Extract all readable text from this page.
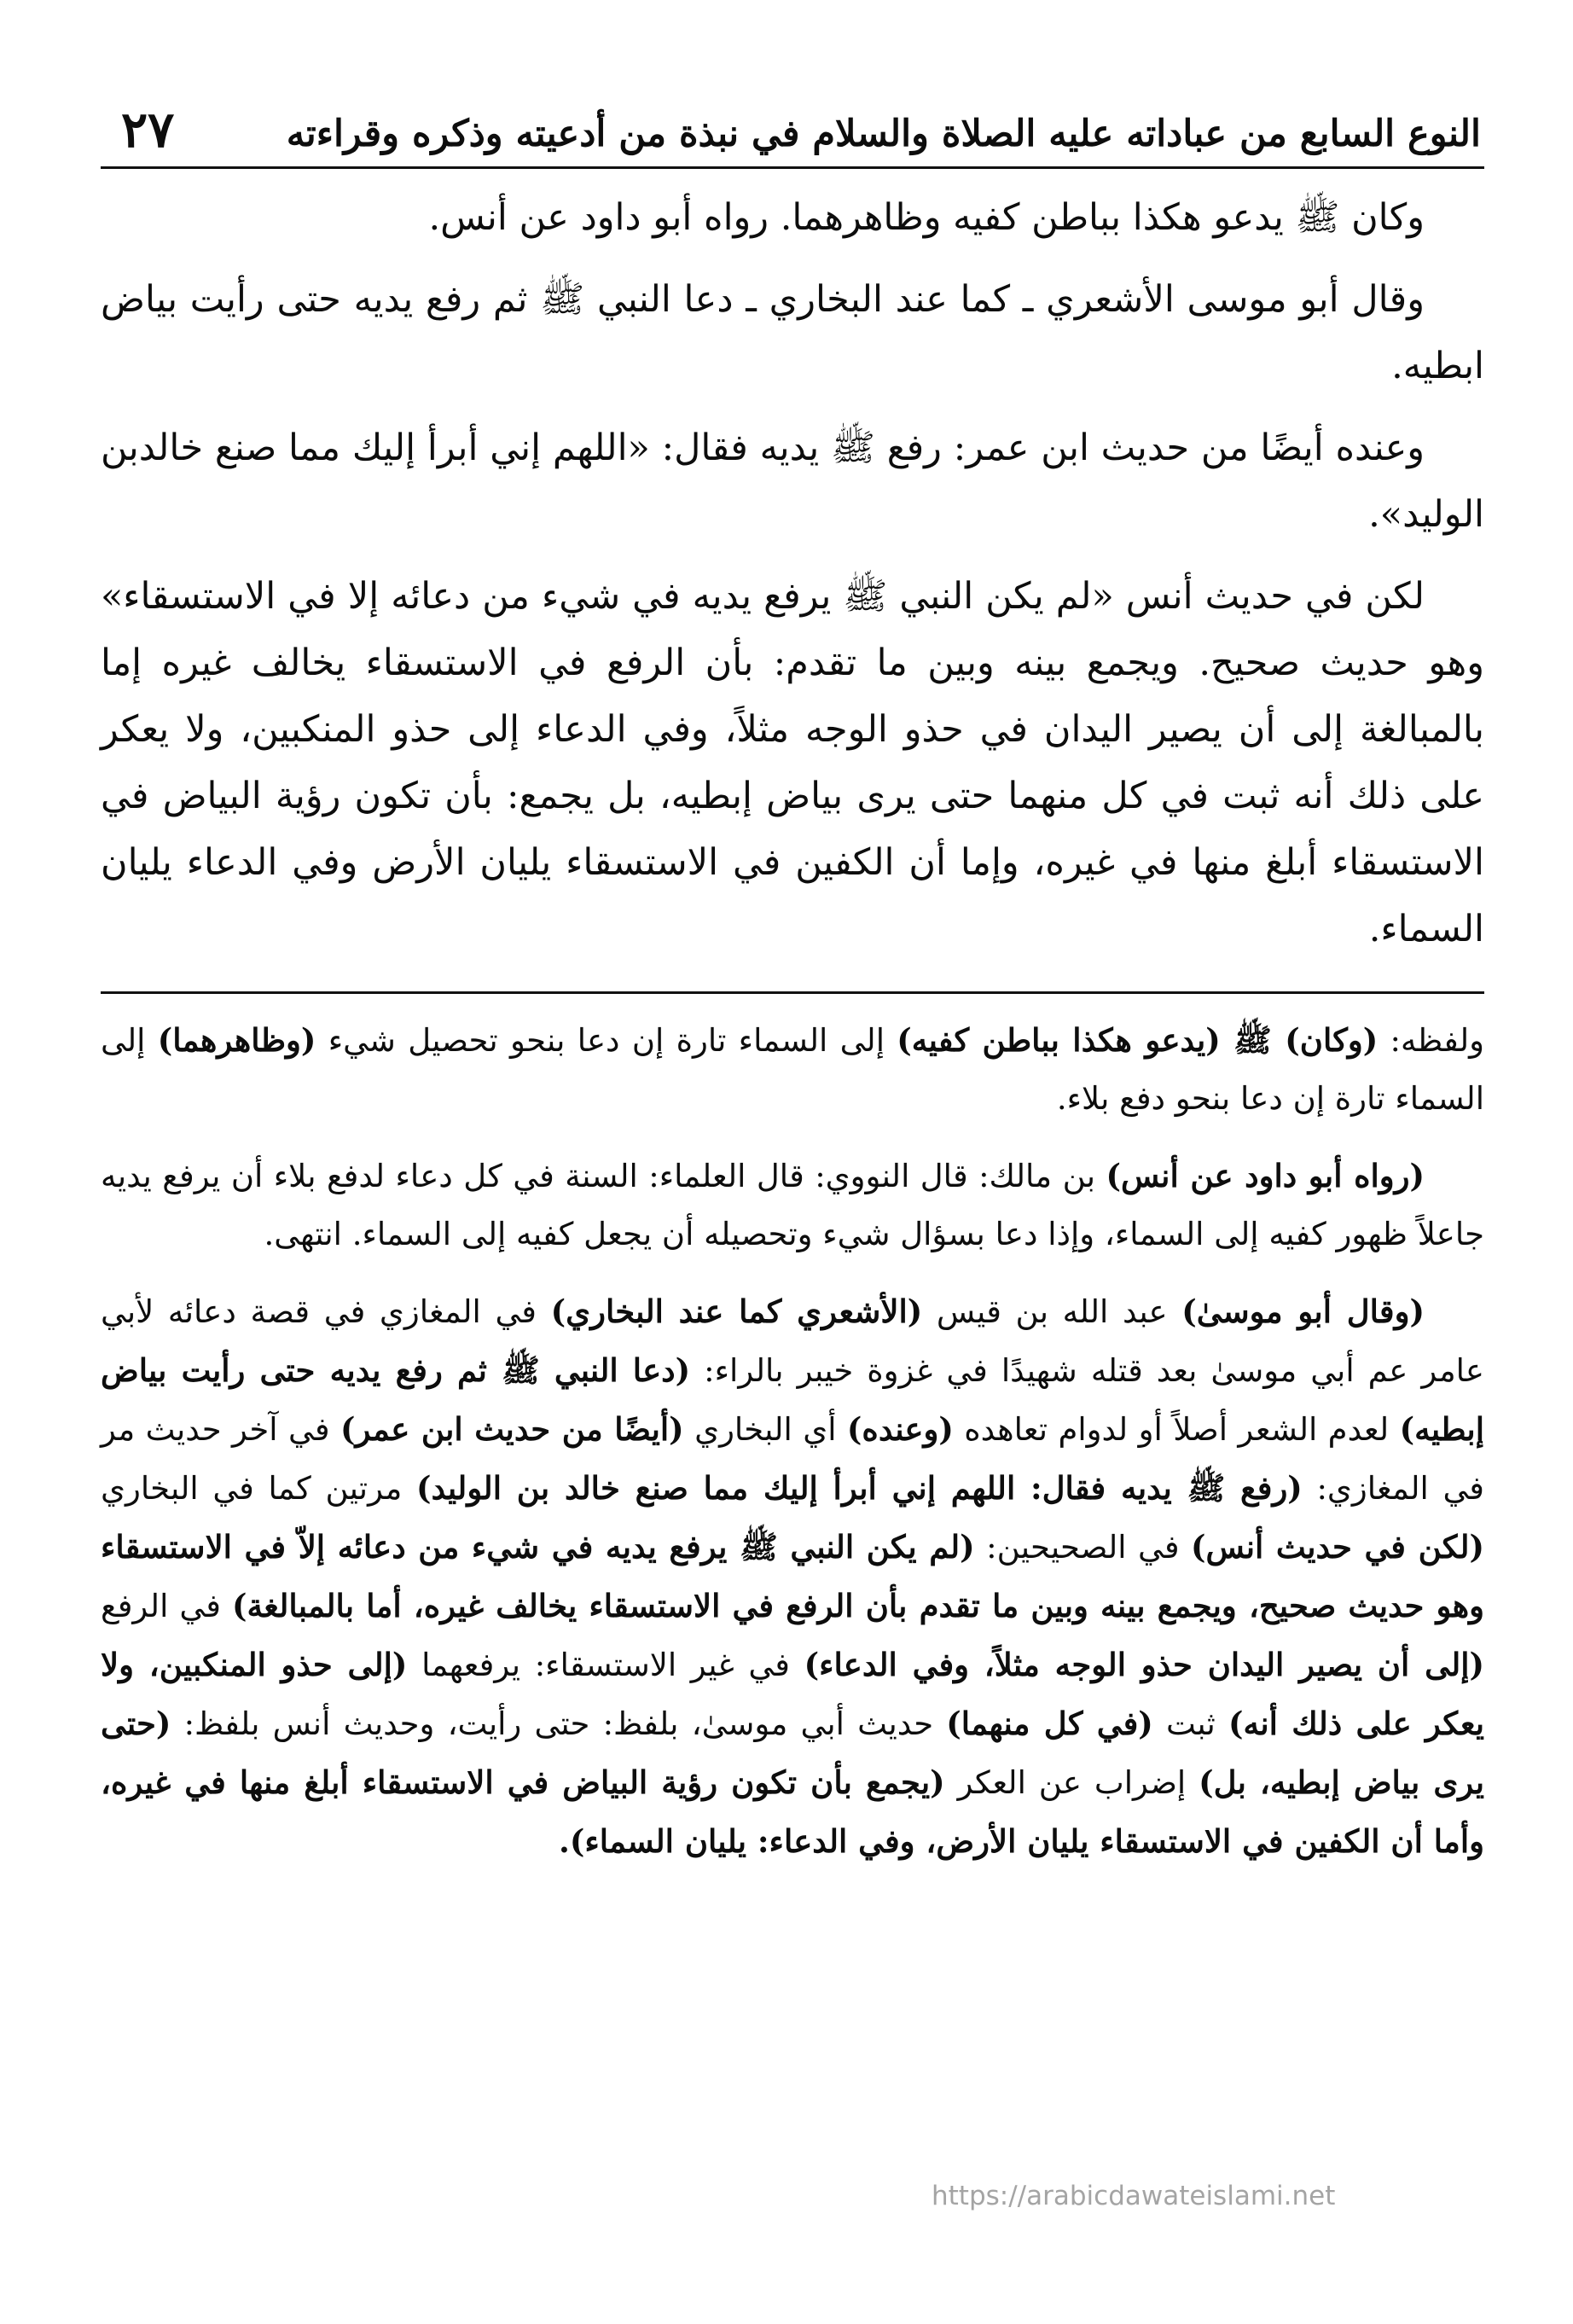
النوع السابع من عباداته عليه الصلاة والسلام في نبذة من أدعيته وذكره وقراءته
٢٧

وكان ﷺ يدعو هكذا بباطن كفيه وظاهرهما. رواه أبو داود عن أنس.

وقال أبو موسى الأشعري ـ كما عند البخاري ـ دعا النبي ﷺ ثم رفع يديه حتى رأيت بياض ابطيه.

وعنده أيضًا من حديث ابن عمر: رفع ﷺ يديه فقال: «اللهم إني أبرأ إليك مما صنع خالدبن الوليد».

لكن في حديث أنس «لم يكن النبي ﷺ يرفع يديه في شيء من دعائه إلا في الاستسقاء» وهو حديث صحيح. ويجمع بينه وبين ما تقدم: بأن الرفع في الاستسقاء يخالف غيره إما بالمبالغة إلى أن يصير اليدان في حذو الوجه مثلاً، وفي الدعاء إلى حذو المنكبين، ولا يعكر على ذلك أنه ثبت في كل منهما حتى يرى بياض إبطيه، بل يجمع: بأن تكون رؤية البياض في الاستسقاء أبلغ منها في غيره، وإما أن الكفين في الاستسقاء يليان الأرض وفي الدعاء يليان السماء.

ولفظه: (وكان) ﷺ (يدعو هكذا بباطن كفيه) إلى السماء تارة إن دعا بنحو تحصيل شيء (وظاهرهما) إلى السماء تارة إن دعا بنحو دفع بلاء.

(رواه أبو داود عن أنس) بن مالك: قال النووي: قال العلماء: السنة في كل دعاء لدفع بلاء أن يرفع يديه جاعلاً ظهور كفيه إلى السماء، وإذا دعا بسؤال شيء وتحصيله أن يجعل كفيه إلى السماء. انتهى.

(وقال أبو موسىٰ) عبد الله بن قيس (الأشعري كما عند البخاري) في المغازي في قصة دعائه لأبي عامر عم أبي موسىٰ بعد قتله شهيدًا في غزوة خيبر بالراء: (دعا النبي ﷺ ثم رفع يديه حتى رأيت بياض إبطيه) لعدم الشعر أصلاً أو لدوام تعاهده (وعنده) أي البخاري (أيضًا من حديث ابن عمر) في آخر حديث مر في المغازي: (رفع ﷺ يديه فقال: اللهم إني أبرأ إليك مما صنع خالد بن الوليد) مرتين كما في البخاري (لكن في حديث أنس) في الصحيحين: (لم يكن النبي ﷺ يرفع يديه في شيء من دعائه إلاّ في الاستسقاء وهو حديث صحيح، ويجمع بينه وبين ما تقدم بأن الرفع في الاستسقاء يخالف غيره، أما بالمبالغة) في الرفع (إلى أن يصير اليدان حذو الوجه مثلاً، وفي الدعاء) في غير الاستسقاء: يرفعهما (إلى حذو المنكبين، ولا يعكر على ذلك أنه) ثبت (في كل منهما) حديث أبي موسىٰ، بلفظ: حتى رأيت، وحديث أنس بلفظ: (حتى يرى بياض إبطيه، بل) إضراب عن العكر (يجمع بأن تكون رؤية البياض في الاستسقاء أبلغ منها في غيره، وأما أن الكفين في الاستسقاء يليان الأرض، وفي الدعاء: يليان السماء).

https://arabicdawateislami.net
